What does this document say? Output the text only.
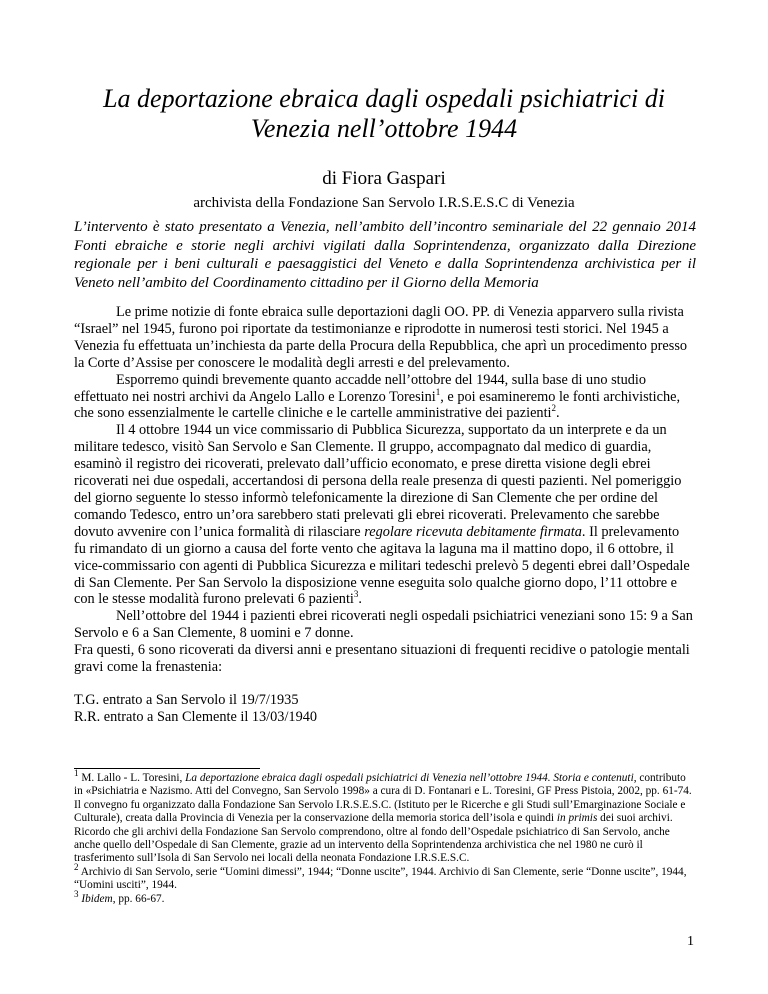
La deportazione ebraica dagli ospedali psichiatrici di
Venezia nell’ottobre 1944
di Fiora Gaspari
archivista della Fondazione San Servolo I.R.S.E.S.C di Venezia

L’intervento è stato presentato a Venezia, nell’ambito dell’incontro seminariale del 22 gennaio 2014 Fonti ebraiche e storie negli archivi vigilati dalla Soprintendenza, organizzato dalla Direzione regionale per i beni culturali e paesaggistici del Veneto e dalla Soprintendenza archivistica per il Veneto nell’ambito del Coordinamento cittadino per il Giorno della Memoria

Le prime notizie di fonte ebraica sulle deportazioni dagli OO. PP. di Venezia apparvero sulla rivista “Israel” nel 1945, furono poi riportate da testimonianze e riprodotte in numerosi testi storici. Nel 1945 a Venezia fu effettuata un’inchiesta da parte della Procura della Repubblica, che aprì un procedimento presso la Corte d’Assise per conoscere le modalità degli arresti e del prelevamento.

Esporremo quindi brevemente quanto accadde nell’ottobre del 1944, sulla base di uno studio effettuato nei nostri archivi da Angelo Lallo e Lorenzo Toresini$^1$, e poi esamineremo le fonti archivistiche, che sono essenzialmente le cartelle cliniche e le cartelle amministrative dei pazienti$^2$.

Il 4 ottobre 1944 un vice commissario di Pubblica Sicurezza, supportato da un interprete e da un militare tedesco, visitò San Servolo e San Clemente. Il gruppo, accompagnato dal medico di guardia, esaminò il registro dei ricoverati, prelevato dall’ufficio economato, e prese diretta visione degli ebrei ricoverati nei due ospedali, accertandosi di persona della reale presenza di questi pazienti. Nel pomeriggio del giorno seguente lo stesso informò telefonicamente la direzione di San Clemente che per ordine del comando Tedesco, entro un’ora sarebbero stati prelevati gli ebrei ricoverati. Prelevamento che sarebbe dovuto avvenire con l’unica formalità di rilasciare regolare ricevuta debitamente firmata. Il prelevamento fu rimandato di un giorno a causa del forte vento che agitava la laguna ma il mattino dopo, il 6 ottobre, il vice-commissario con agenti di Pubblica Sicurezza e militari tedeschi prelevò 5 degenti ebrei dall’Ospedale di San Clemente. Per San Servolo la disposizione venne eseguita solo qualche giorno dopo, l’11 ottobre e con le stesse modalità furono prelevati 6 pazienti$^3$.

Nell’ottobre del 1944 i pazienti ebrei ricoverati negli ospedali psichiatrici veneziani sono 15: 9 a San Servolo e 6 a San Clemente, 8 uomini e 7 donne.

Fra questi, 6 sono ricoverati da diversi anni e presentano situazioni di frequenti recidive o patologie mentali gravi come la frenastenia:

T.G. entrato a San Servolo il 19/7/1935

R.R. entrato a San Clemente il 13/03/1940

$^1$ M. Lallo - L. Toresini, La deportazione ebraica dagli ospedali psichiatrici di Venezia nell’ottobre 1944. Storia e contenuti, contributo in «Psichiatria e Nazismo. Atti del Convegno, San Servolo 1998» a cura di D. Fontanari e L. Toresini, GF Press Pistoia, 2002, pp. 61-74. Il convegno fu organizzato dalla Fondazione San Servolo I.R.S.E.S.C. (Istituto per le Ricerche e gli Studi sull’Emarginazione Sociale e Culturale), creata dalla Provincia di Venezia per la conservazione della memoria storica dell’isola e quindi in primis dei suoi archivi. Ricordo che gli archivi della Fondazione San Servolo comprendono, oltre al fondo dell’Ospedale psichiatrico di San Servolo, anche anche quello dell’Ospedale di San Clemente, grazie ad un intervento della Soprintendenza archivistica che nel 1980 ne curò il trasferimento sull’Isola di San Servolo nei locali della neonata Fondazione I.R.S.E.S.C.

$^2$ Archivio di San Servolo, serie “Uomini dimessi”, 1944; “Donne uscite”, 1944. Archivio di San Clemente, serie “Donne uscite”, 1944, “Uomini usciti”, 1944.

$^3$ Ibidem, pp. 66-67.

1
